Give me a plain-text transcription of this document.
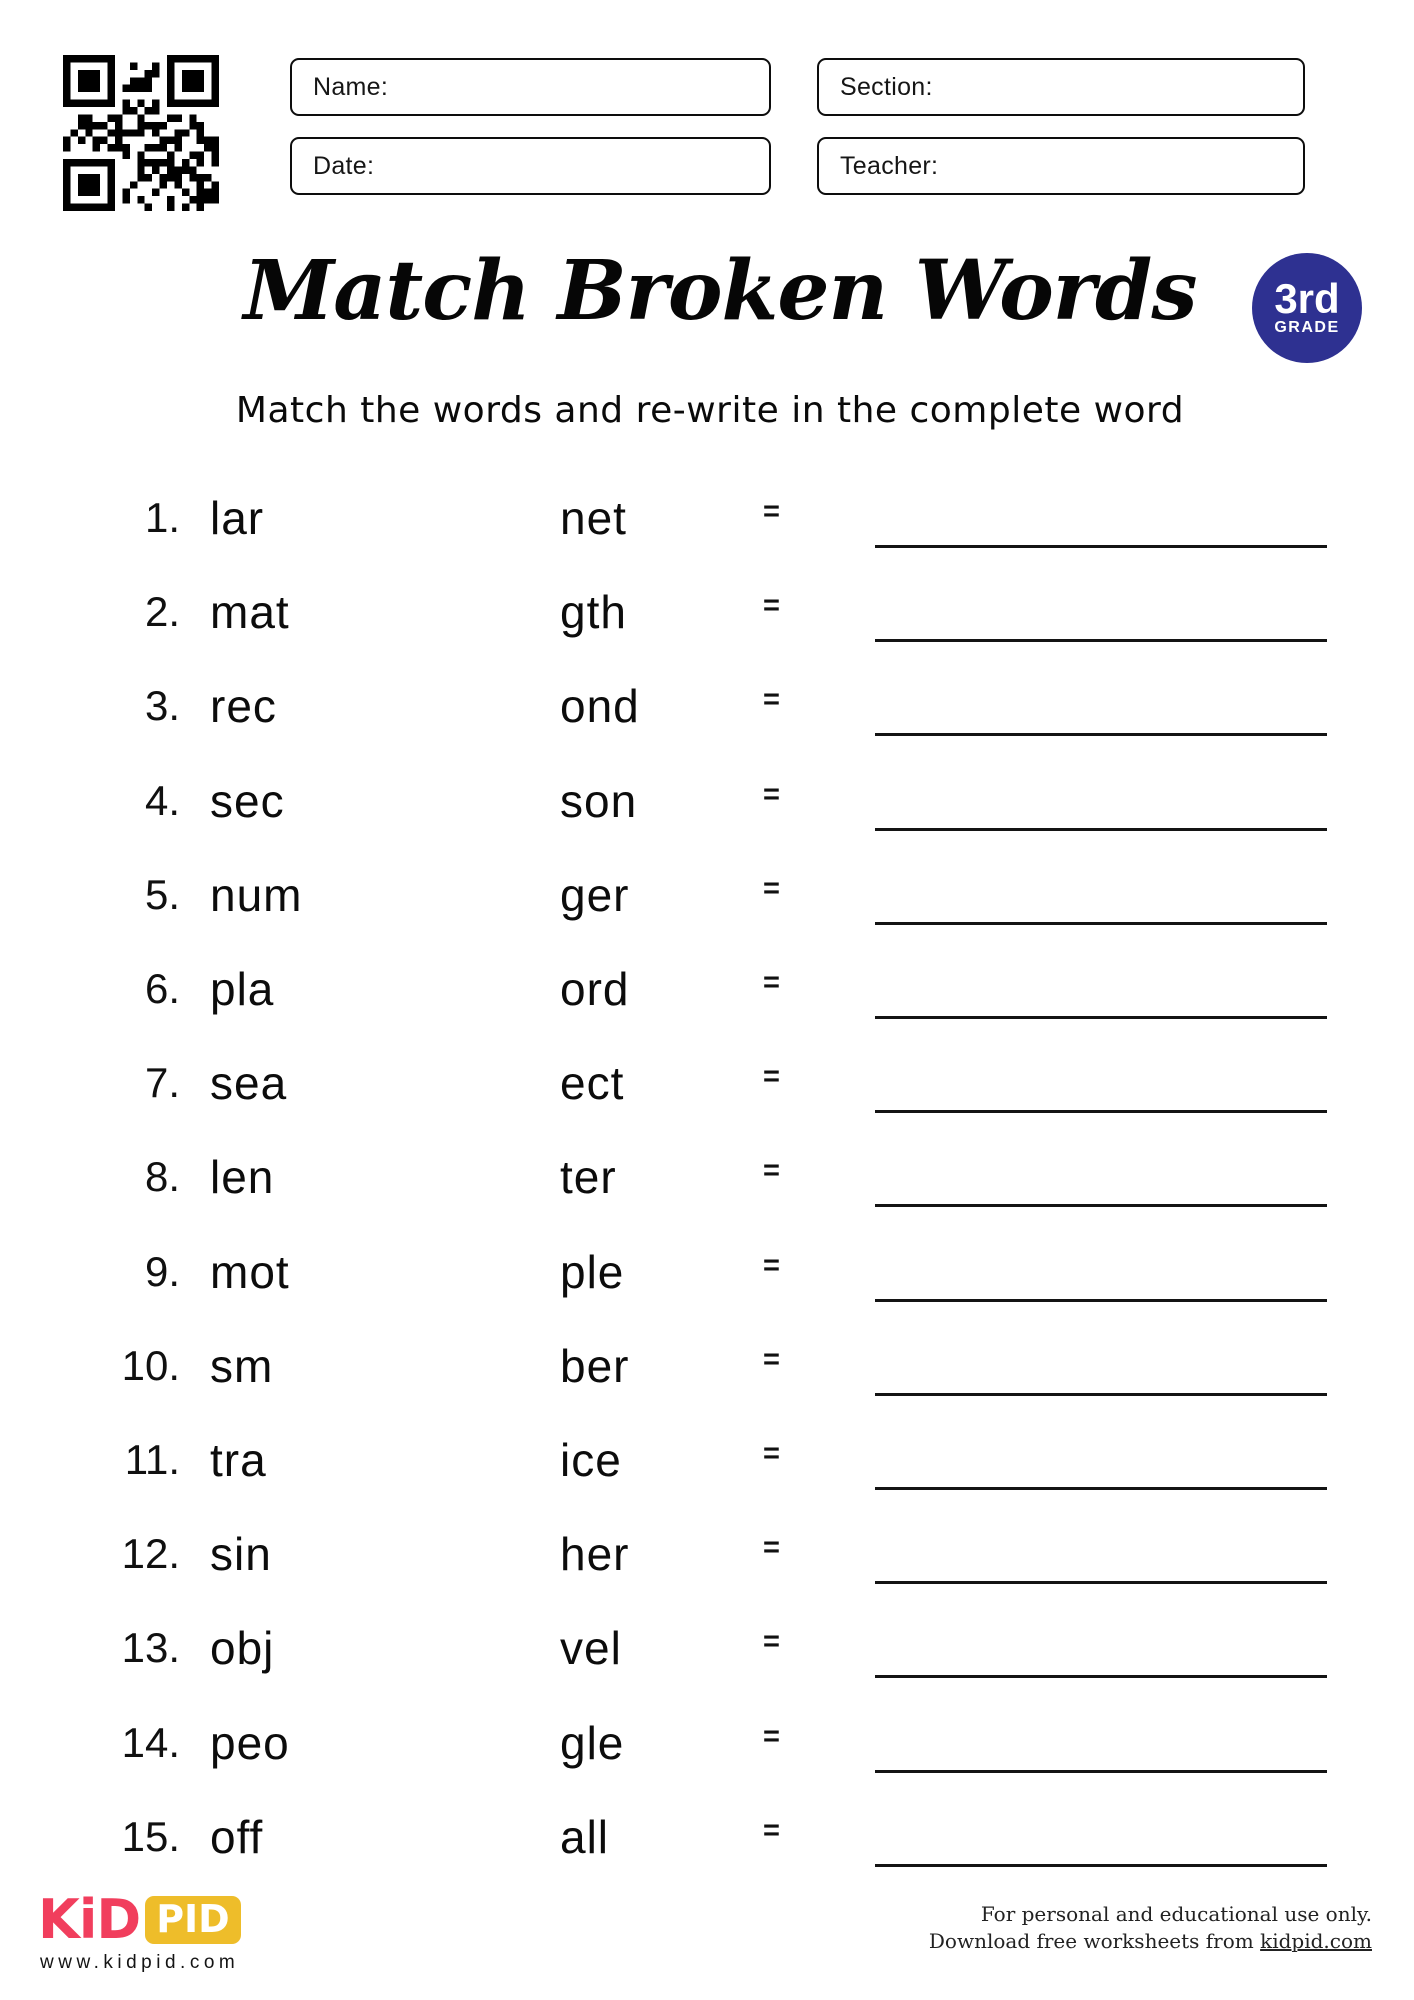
Name:	Section:
Date:	Teacher:
Match Broken Words	3rd
GRADE
Match the words and re-write in the complete word
1. lar	net	=
2. mat	gth	=
3. rec	ond	=
4. sec	son	=
5. num	ger	=
6. pla	ord	=
7. sea	ect	=
8. len	ter	=
9. mot	ple	=
10. sm	ber	=
11. tra	ice	=
12. sin	her	=
13. obj	vel	=
14. peo	gle	=
15. off	all	=
KiD PID
www.kidpid.com
For personal and educational use only.
Download free worksheets from kidpid.com
